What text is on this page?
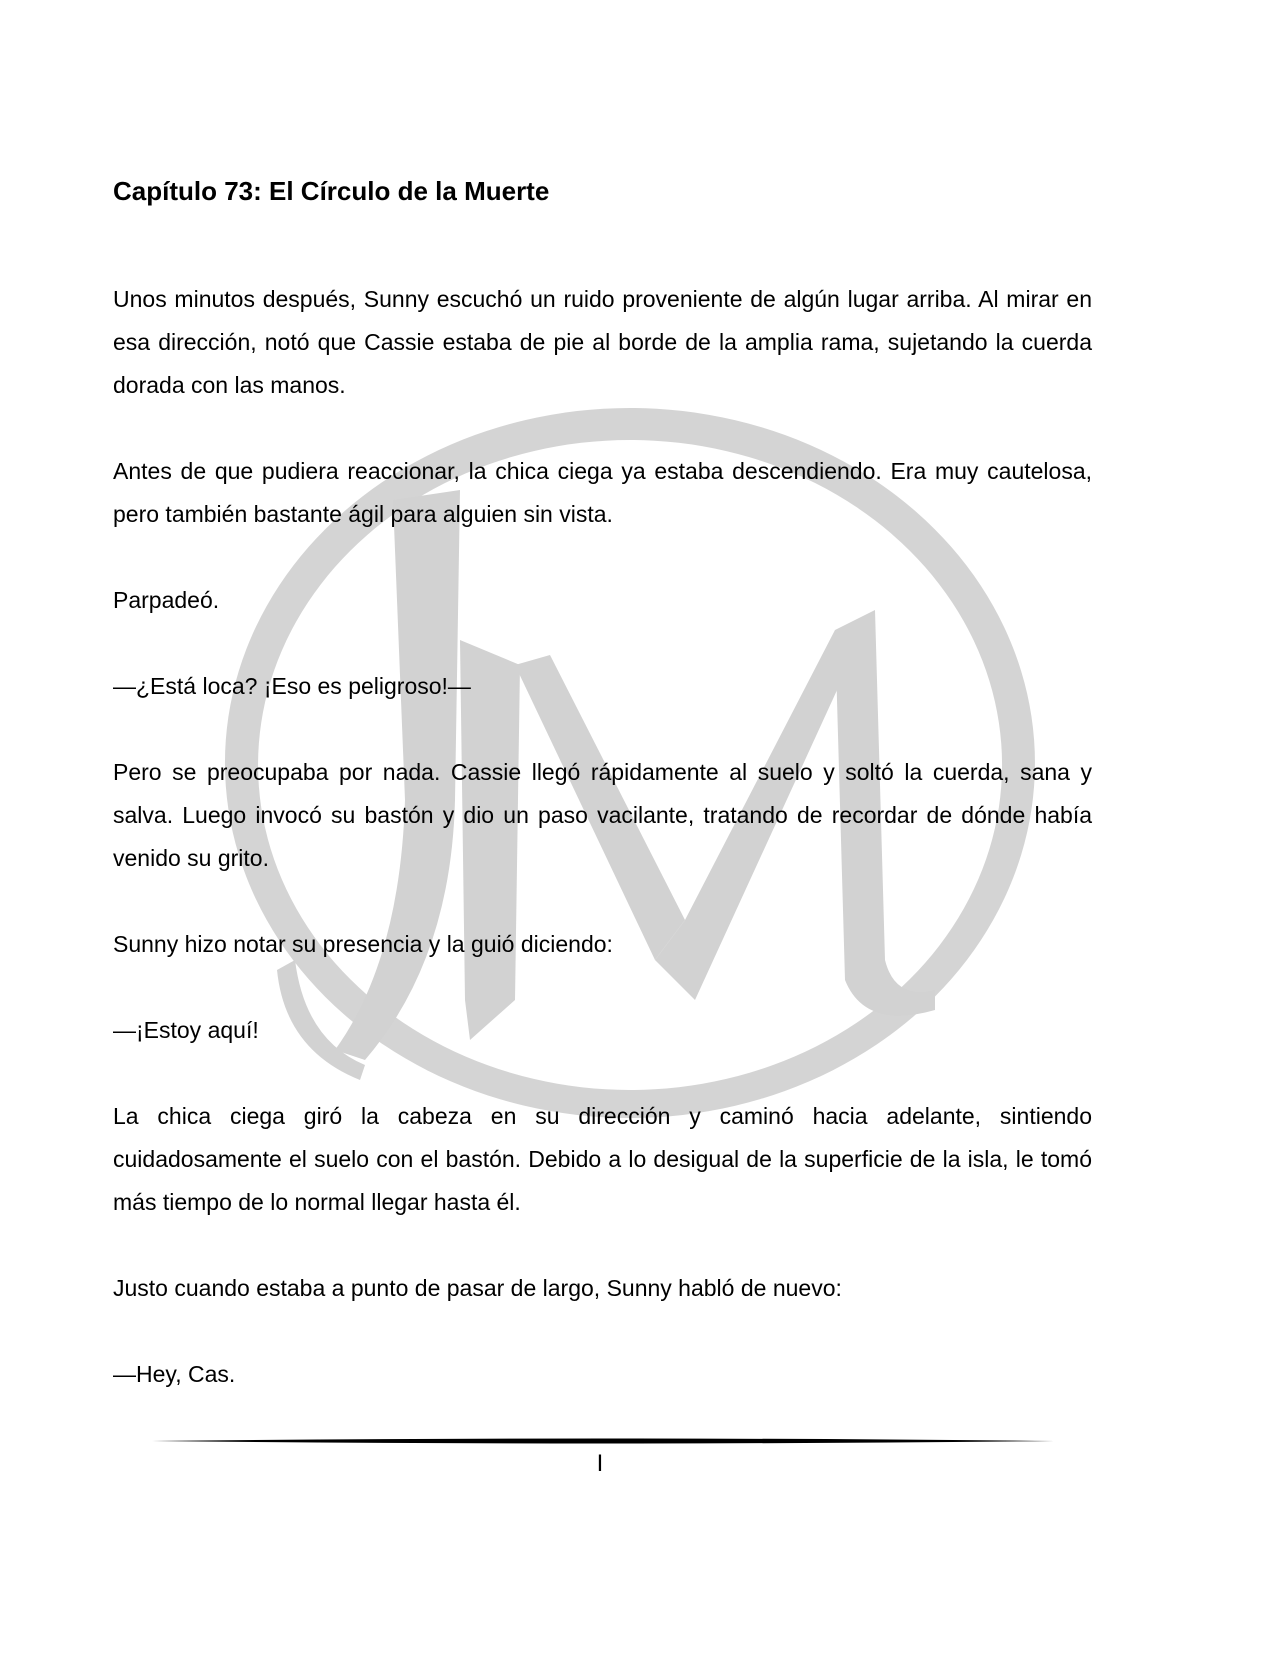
Capítulo 73: El Círculo de la Muerte

Unos minutos después, Sunny escuchó un ruido proveniente de algún lugar arriba. Al mirar en esa dirección, notó que Cassie estaba de pie al borde de la amplia rama, sujetando la cuerda dorada con las manos.

Antes de que pudiera reaccionar, la chica ciega ya estaba descendiendo. Era muy cautelosa, pero también bastante ágil para alguien sin vista.

Parpadeó.

—¿Está loca? ¡Eso es peligroso!—

Pero se preocupaba por nada. Cassie llegó rápidamente al suelo y soltó la cuerda, sana y salva. Luego invocó su bastón y dio un paso vacilante, tratando de recordar de dónde había venido su grito.

Sunny hizo notar su presencia y la guió diciendo:

—¡Estoy aquí!

La chica ciega giró la cabeza en su dirección y caminó hacia adelante, sintiendo cuidadosamente el suelo con el bastón. Debido a lo desigual de la superficie de la isla, le tomó más tiempo de lo normal llegar hasta él.

Justo cuando estaba a punto de pasar de largo, Sunny habló de nuevo:

—Hey, Cas.

I
